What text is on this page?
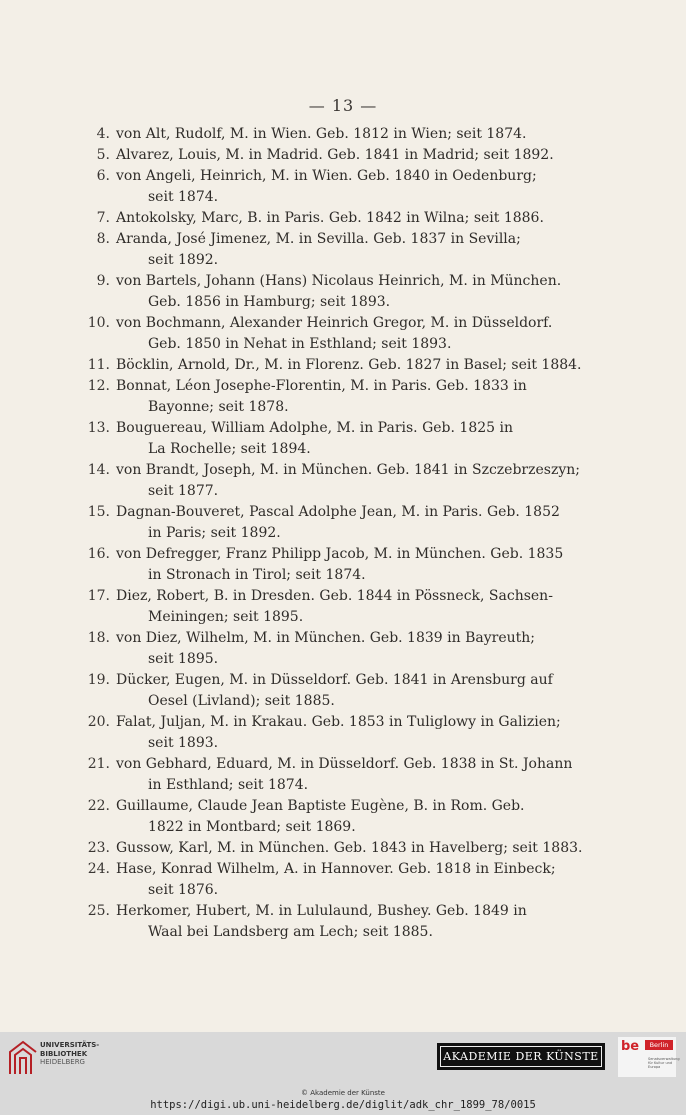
— 13 —
4. von Alt, Rudolf, M. in Wien. Geb. 1812 in Wien; seit 1874.
5. Alvarez, Louis, M. in Madrid. Geb. 1841 in Madrid; seit 1892.
6. von Angeli, Heinrich, M. in Wien. Geb. 1840 in Oedenburg;
seit 1874.
7. Antokolsky, Marc, B. in Paris. Geb. 1842 in Wilna; seit 1886.
8. Aranda, José Jimenez, M. in Sevilla. Geb. 1837 in Sevilla;
seit 1892.
9. von Bartels, Johann (Hans) Nicolaus Heinrich, M. in München.
Geb. 1856 in Hamburg; seit 1893.
10. von Bochmann, Alexander Heinrich Gregor, M. in Düsseldorf.
Geb. 1850 in Nehat in Esthland; seit 1893.
11. Böcklin, Arnold, Dr., M. in Florenz. Geb. 1827 in Basel; seit 1884.
12. Bonnat, Léon Josephe-Florentin, M. in Paris. Geb. 1833 in
Bayonne; seit 1878.
13. Bouguereau, William Adolphe, M. in Paris. Geb. 1825 in
La Rochelle; seit 1894.
14. von Brandt, Joseph, M. in München. Geb. 1841 in Szczebrzeszyn;
seit 1877.
15. Dagnan-Bouveret, Pascal Adolphe Jean, M. in Paris. Geb. 1852
in Paris; seit 1892.
16. von Defregger, Franz Philipp Jacob, M. in München. Geb. 1835
in Stronach in Tirol; seit 1874.
17. Diez, Robert, B. in Dresden. Geb. 1844 in Pössneck, Sachsen-
Meiningen; seit 1895.
18. von Diez, Wilhelm, M. in München. Geb. 1839 in Bayreuth;
seit 1895.
19. Dücker, Eugen, M. in Düsseldorf. Geb. 1841 in Arensburg auf
Oesel (Livland); seit 1885.
20. Falat, Juljan, M. in Krakau. Geb. 1853 in Tuliglowy in Galizien;
seit 1893.
21. von Gebhard, Eduard, M. in Düsseldorf. Geb. 1838 in St. Johann
in Esthland; seit 1874.
22. Guillaume, Claude Jean Baptiste Eugène, B. in Rom. Geb.
1822 in Montbard; seit 1869.
23. Gussow, Karl, M. in München. Geb. 1843 in Havelberg; seit 1883.
24. Hase, Konrad Wilhelm, A. in Hannover. Geb. 1818 in Einbeck;
seit 1876.
25. Herkomer, Hubert, M. in Lululaund, Bushey. Geb. 1849 in
Waal bei Landsberg am Lech; seit 1885.
UNIVERSITÄTS-
BIBLIOTHEK
HEIDELBERG	AKADEMIE DER KÜNSTE
be	Berlin
Senatsverwaltung für Kultur und Europa
© Akademie der Künste
https://digi.ub.uni-heidelberg.de/diglit/adk_chr_1899_78/0015
